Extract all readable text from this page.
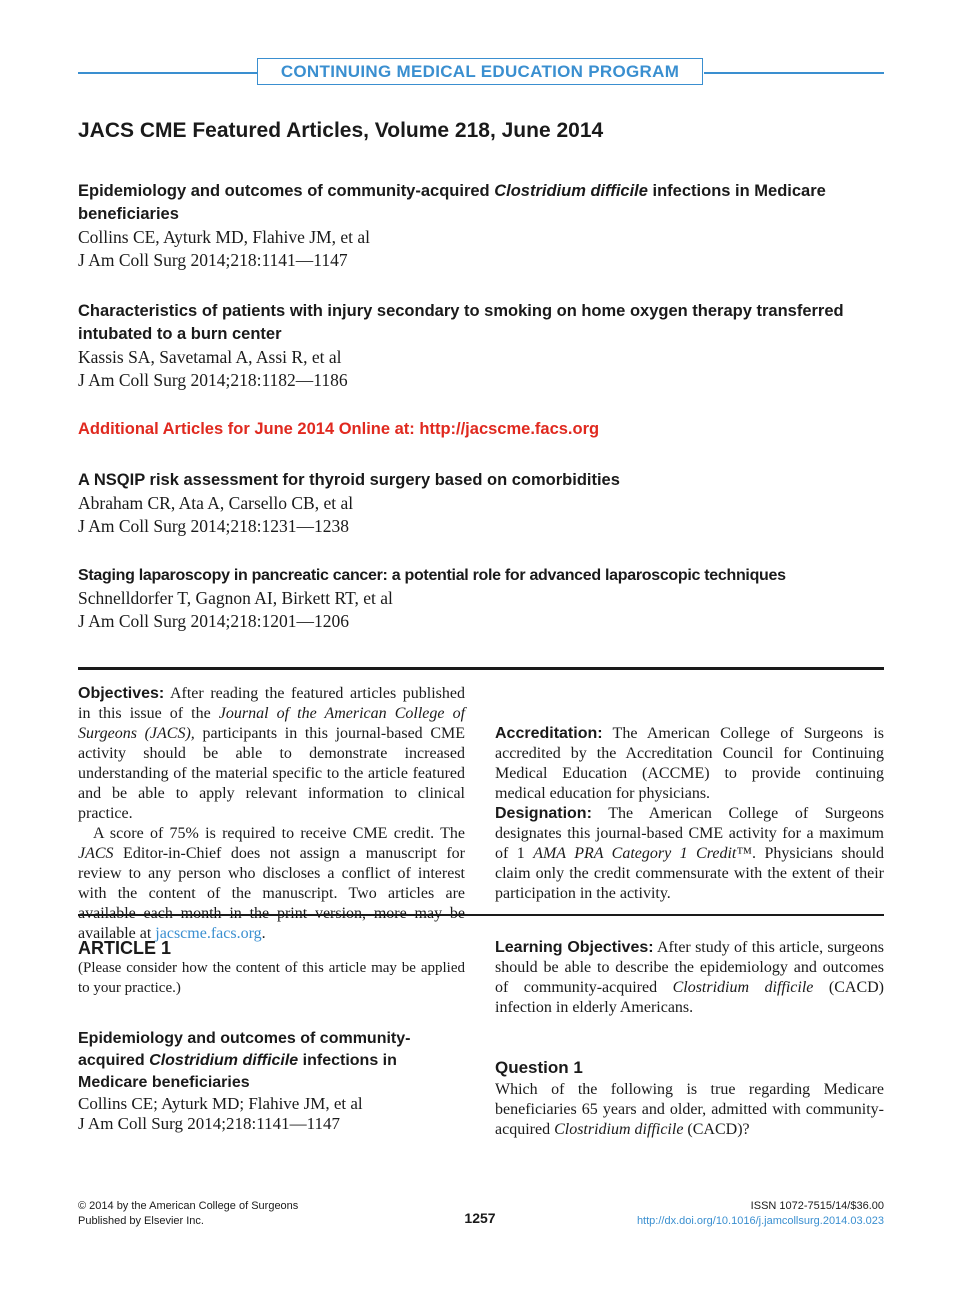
CONTINUING MEDICAL EDUCATION PROGRAM
JACS CME Featured Articles, Volume 218, June 2014
Epidemiology and outcomes of community-acquired Clostridium difficile infections in Medicare beneficiaries
Collins CE, Ayturk MD, Flahive JM, et al
J Am Coll Surg 2014;218:1141—1147
Characteristics of patients with injury secondary to smoking on home oxygen therapy transferred intubated to a burn center
Kassis SA, Savetamal A, Assi R, et al
J Am Coll Surg 2014;218:1182—1186
Additional Articles for June 2014 Online at: http://jacscme.facs.org
A NSQIP risk assessment for thyroid surgery based on comorbidities
Abraham CR, Ata A, Carsello CB, et al
J Am Coll Surg 2014;218:1231—1238
Staging laparoscopy in pancreatic cancer: a potential role for advanced laparoscopic techniques
Schnelldorfer T, Gagnon AI, Birkett RT, et al
J Am Coll Surg 2014;218:1201—1206

Objectives: After reading the featured articles published in this issue of the Journal of the American College of Surgeons (JACS), participants in this journal-based CME activity should be able to demonstrate increased understanding of the material specific to the article featured and be able to apply relevant information to clinical practice.

A score of 75% is required to receive CME credit. The JACS Editor-in-Chief does not assign a manuscript for review to any person who discloses a conflict of interest with the content of the manuscript. Two articles are available at jacscme.facs.org.

Accreditation: The American College of Surgeons is accredited by the Accreditation Council for Continuing Medical Education (ACCME) to provide continuing medical education for physicians.

Designation: The American College of Surgeons designates this journal-based CME activity for a maximum of 1 AMA PRA Category 1 Credit™. Physicians should claim only the credit commensurate with the extent of their participation in the activity.

ARTICLE 1

(Please consider how the content of this article may be applied to your practice.)

Epidemiology and outcomes of community-acquired Clostridium difficile infections in Medicare beneficiaries
Collins CE; Ayturk MD; Flahive JM, et al
J Am Coll Surg 2014;218:1141—1147

Learning Objectives: After study of this article, surgeons should be able to describe the epidemiology and outcomes of community-acquired Clostridium difficile (CACD) infection in elderly Americans.

Question 1

Which of the following is true regarding Medicare beneficiaries 65 years and older, admitted with community-acquired Clostridium difficile (CACD)?

© 2014 by the American College of Surgeons
Published by Elsevier Inc.	1257
ISSN 1072-7515/14/$36.00
http://dx.doi.org/10.1016/j.jamcollsurg.2014.03.023
